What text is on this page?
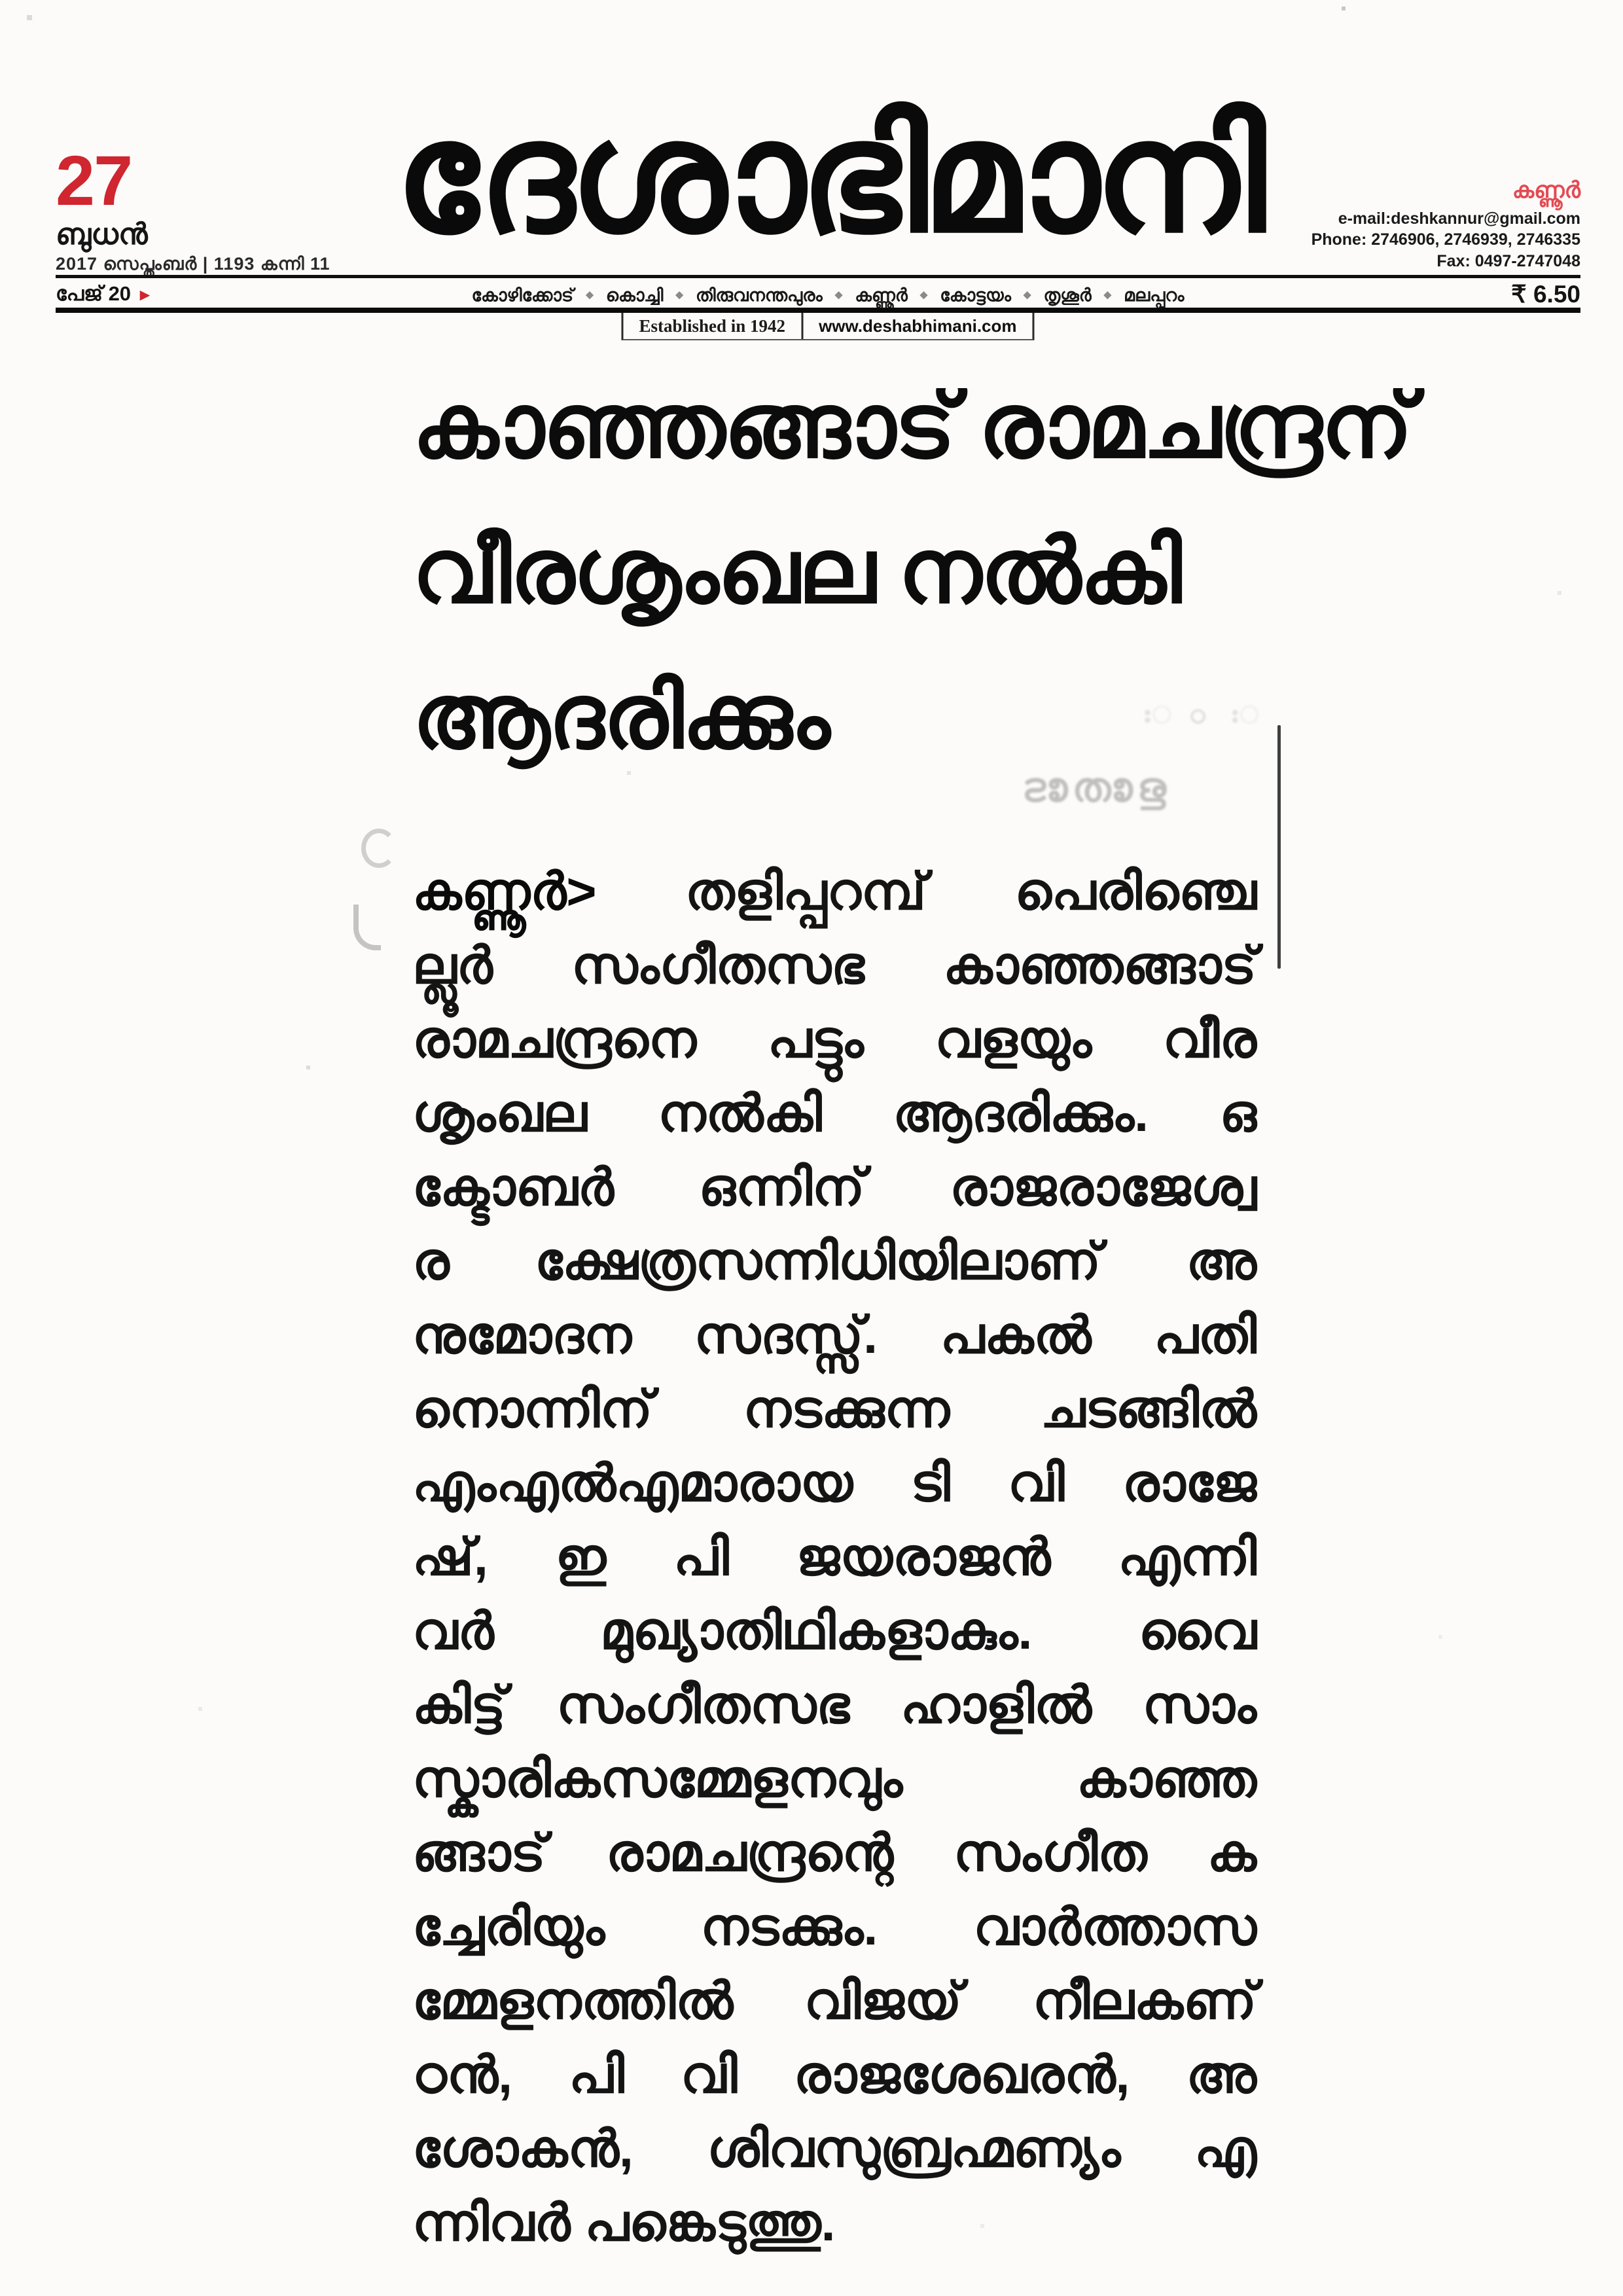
27
ബുധൻ
2017 സെപ്തംബർ | 1193 കന്നി 11 ദേശാഭിമാനി	കണ്ണൂർ
e-mail:deshkannur@gmail.com
Phone: 2746906, 2746939, 2746335
Fax: 0497-2747048
പേജ് 20 ►	കോഴിക്കോട് ◆ കൊച്ചി ◆ തിരുവനന്തപുരം ◆ കണ്ണൂർ ◆ കോട്ടയം ◆ തൃശൂർ ◆ മലപ്പുറം	₹ 6.50
Established in 1942	www.deshabhimani.com
കാഞ്ഞങ്ങാട് രാമചന്ദ്രന്
വീരശൃംഖല നൽകി
ആദരിക്കും
കണ്ണൂർ> തളിപ്പറമ്പ് പെരിഞ്ചെ
ല്ലൂർ സംഗീതസഭ കാഞ്ഞങ്ങാട്
രാമചന്ദ്രനെ പട്ടും വളയും വീര
ശൃംഖല നൽകി ആദരിക്കും. ഒ
ക്ടോബർ ഒന്നിന് രാജരാജേശ്വ
ര ക്ഷേത്രസന്നിധിയിലാണ് അ
നുമോദന സദസ്സ്. പകൽ പതി
നൊന്നിന് നടക്കുന്ന ചടങ്ങിൽ
എംഎൽഎമാരായ ടി വി രാജേ
ഷ്, ഇ പി ജയരാജൻ എന്നി
വർ മുഖ്യാതിഥികളാകും. വൈ
കിട്ട് സംഗീതസഭ ഹാളിൽ സാം
സ്കാരികസമ്മേളനവും കാഞ്ഞ
ങ്ങാട് രാമചന്ദ്രന്റെ സംഗീത ക
ച്ചേരിയും നടക്കും. വാർത്താസ
മ്മേളനത്തിൽ വിജയ് നീലകണ്
ഠൻ, പി വി രാജശേഖരൻ, അ
ശോകൻ, ശിവസുബ്രഹ്മണ്യം എ
ന്നിവർ പങ്കെടുത്തു.
ഃ ഠ ഃ
ളതേടേ
